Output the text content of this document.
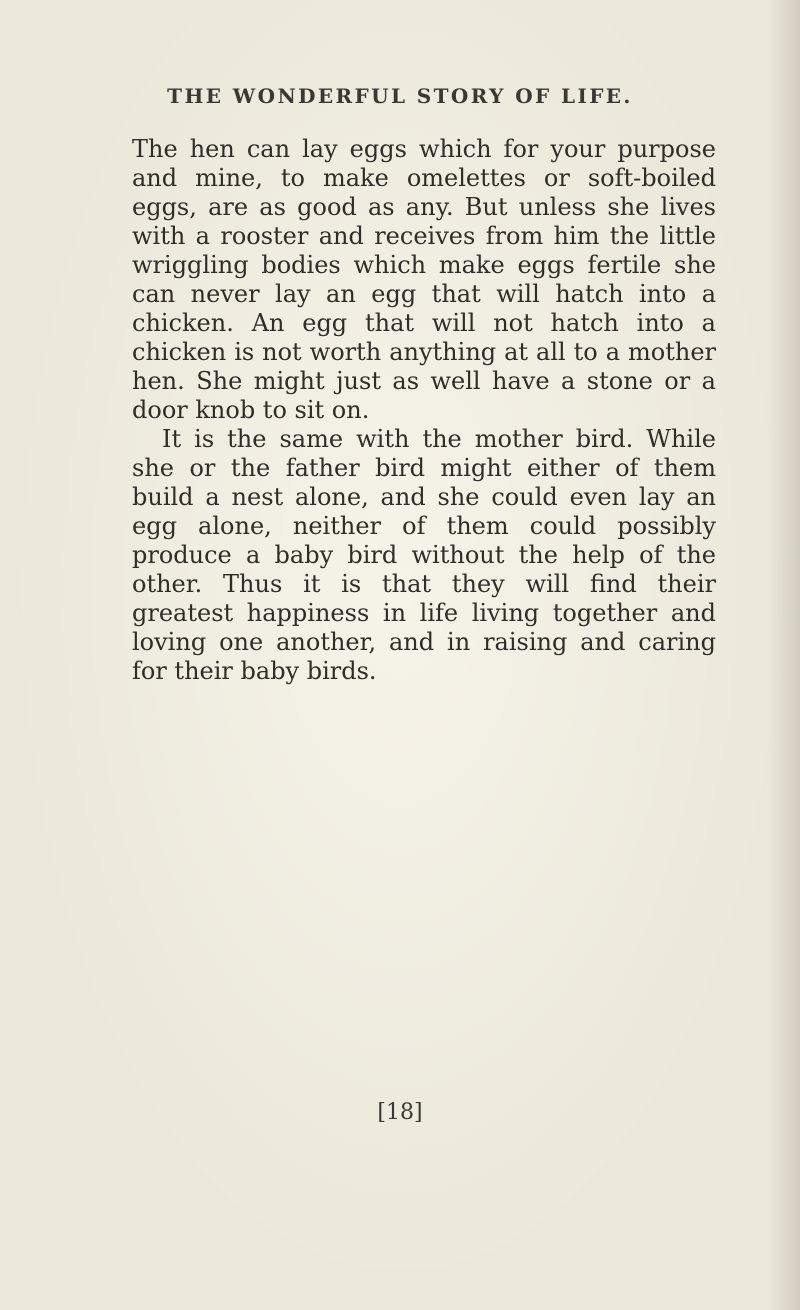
THE WONDERFUL STORY OF LIFE.

The hen can lay eggs which for your purpose and mine, to make omelettes or soft-boiled eggs, are as good as any. But unless she lives with a rooster and receives from him the little wriggling bodies which make eggs fertile she can never lay an egg that will hatch into a chicken. An egg that will not hatch into a chicken is not worth anything at all to a mother hen. She might just as well have a stone or a door knob to sit on.

It is the same with the mother bird. While she or the father bird might either of them build a nest alone, and she could even lay an egg alone, neither of them could possibly produce a baby bird without the help of the other. Thus it is that they will find their greatest happiness in life living together and loving one another, and in raising and caring for their baby birds.

[18]
